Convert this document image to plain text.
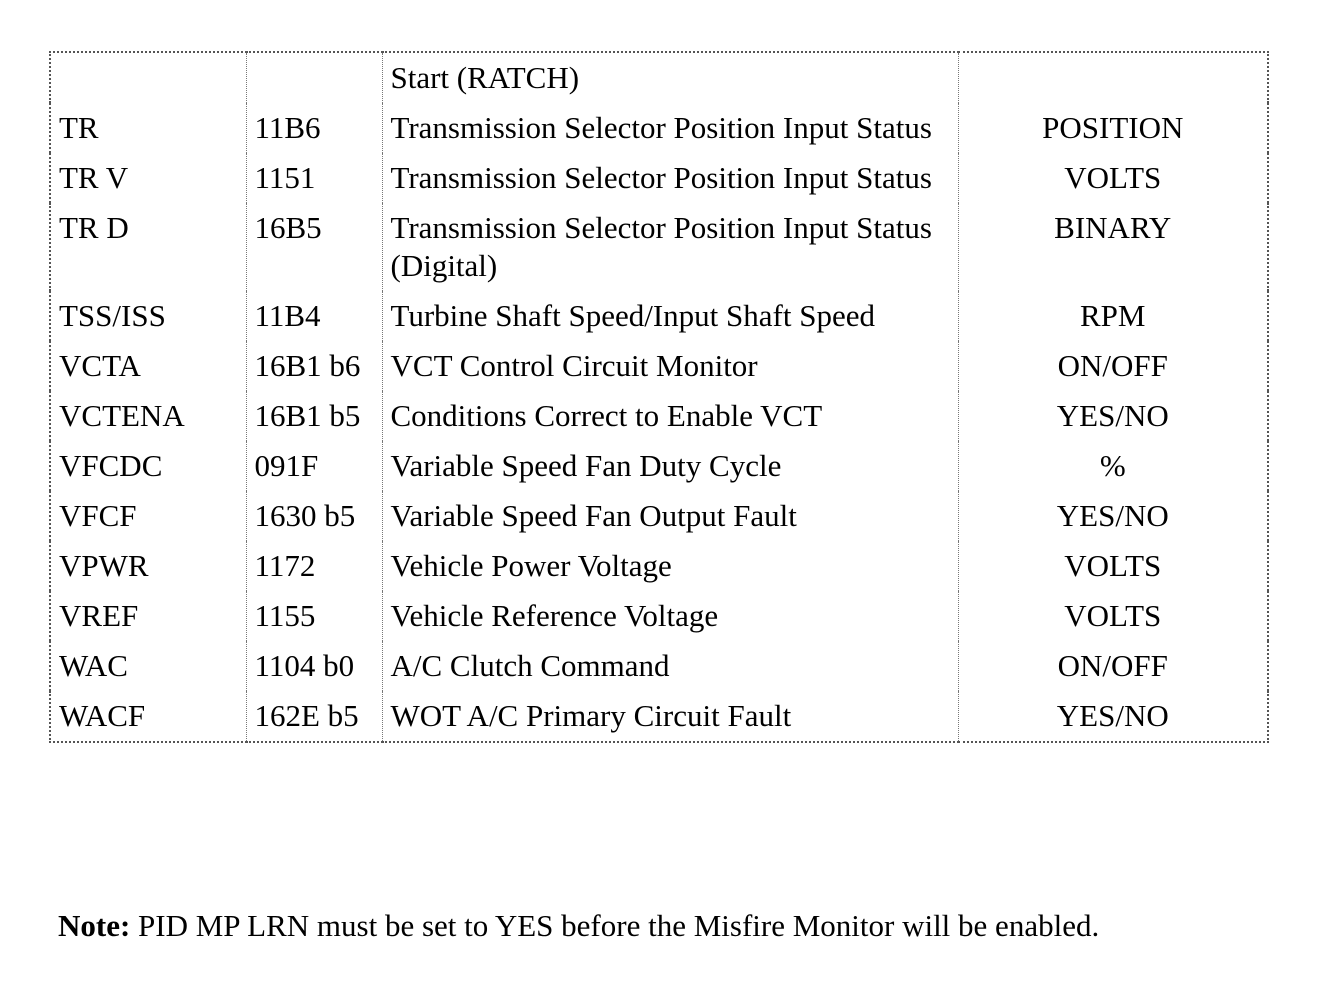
		Start (RATCH)	
TR	11B6	Transmission Selector Position Input Status	POSITION
TR V	1151	Transmission Selector Position Input Status	VOLTS
TR D	16B5	Transmission Selector Position Input Status (Digital)	BINARY
TSS/ISS	11B4	Turbine Shaft Speed/Input Shaft Speed	RPM
VCTA	16B1 b6	VCT Control Circuit Monitor	ON/OFF
VCTENA	16B1 b5	Conditions Correct to Enable VCT	YES/NO
VFCDC	091F	Variable Speed Fan Duty Cycle	%
VFCF	1630 b5	Variable Speed Fan Output Fault	YES/NO
VPWR	1172	Vehicle Power Voltage	VOLTS
VREF	1155	Vehicle Reference Voltage	VOLTS
WAC	1104 b0	A/C Clutch Command	ON/OFF
WACF	162E b5	WOT A/C Primary Circuit Fault	YES/NO
Note: PID MP LRN must be set to YES before the Misfire Monitor will be enabled.
